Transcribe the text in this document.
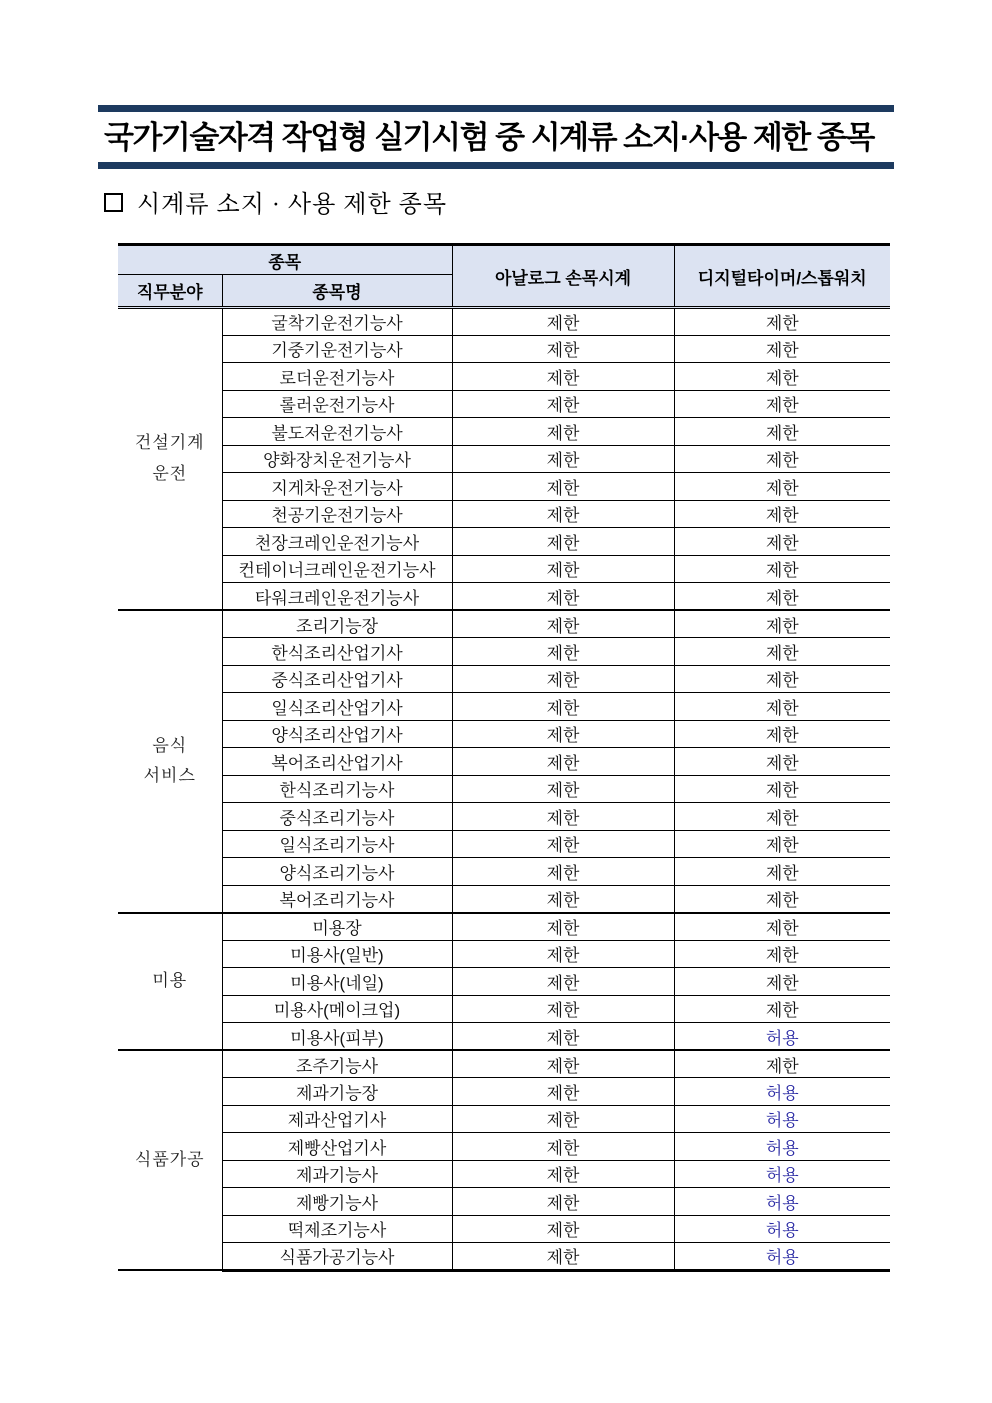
국가기술자격 작업형 실기시험 중 시계류 소지·사용 제한 종목
시계류 소지 · 사용 제한 종목
종목		아날로그 손목시계	디지털타이머/스톱워치
직무분야	종목명		

건설기계
운전	굴착기운전기능사	제한	제한
	기중기운전기능사	제한	제한
	로더운전기능사	제한	제한
	롤러운전기능사	제한	제한
	불도저운전기능사	제한	제한
	양화장치운전기능사	제한	제한
	지게차운전기능사	제한	제한
	천공기운전기능사	제한	제한
	천장크레인운전기능사	제한	제한
	컨테이너크레인운전기능사	제한	제한
	타워크레인운전기능사	제한	제한

음식
서비스	조리기능장	제한	제한
	한식조리산업기사	제한	제한
	중식조리산업기사	제한	제한
	일식조리산업기사	제한	제한
	양식조리산업기사	제한	제한
	복어조리산업기사	제한	제한
	한식조리기능사	제한	제한
	중식조리기능사	제한	제한
	일식조리기능사	제한	제한
	양식조리기능사	제한	제한
	복어조리기능사	제한	제한

미용	미용장	제한	제한
	미용사(일반)	제한	제한
	미용사(네일)	제한	제한
	미용사(메이크업)	제한	제한
	미용사(피부)	제한	허용

식품가공	조주기능사	제한	제한
	제과기능장	제한	허용
	제과산업기사	제한	허용
	제빵산업기사	제한	허용
	제과기능사	제한	허용
	제빵기능사	제한	허용
	떡제조기능사	제한	허용
	식품가공기능사	제한	허용
